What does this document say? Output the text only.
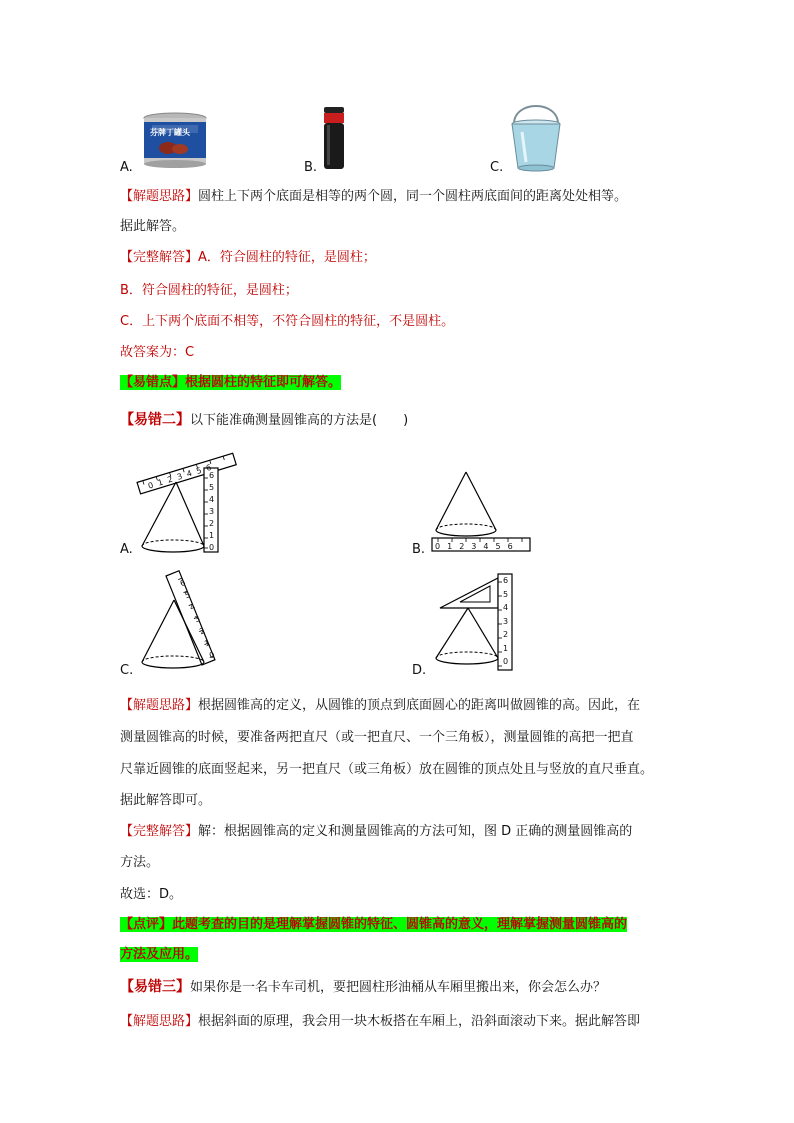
A.
芬牌丁罐头
B.	C.
【解题思路】圆柱上下两个底面是相等的两个圆，同一个圆柱两底面间的距离处处相等。
据此解答。
【完整解答】A．符合圆柱的特征，是圆柱；
B．符合圆柱的特征，是圆柱；
C．上下两个底面不相等，不符合圆柱的特征，不是圆柱。
故答案为：C
【易错点】根据圆柱的特征即可解答。
【易错二】以下能准确测量圆锥高的方法是(　　)
A.
0123456
0
1
2
3
4
5
6
B. 0123456
C.
6
5
4
3
2
1
0
D.
6
5
4
3
2
1
0
【解题思路】根据圆锥高的定义，从圆锥的顶点到底面圆心的距离叫做圆锥的高。因此，在
测量圆锥高的时候，要准备两把直尺（或一把直尺、一个三角板），测量圆锥的高把一把直
尺靠近圆锥的底面竖起来，另一把直尺（或三角板）放在圆锥的顶点处且与竖放的直尺垂直。
据此解答即可。
【完整解答】解：根据圆锥高的定义和测量圆锥高的方法可知，图 D 正确的测量圆锥高的
方法。
故选：D。
【点评】此题考查的目的是理解掌握圆锥的特征、圆锥高的意义，理解掌握测量圆锥高的
方法及应用。
【易错三】如果你是一名卡车司机，要把圆柱形油桶从车厢里搬出来，你会怎么办？
【解题思路】根据斜面的原理，我会用一块木板搭在车厢上，沿斜面滚动下来。据此解答即
